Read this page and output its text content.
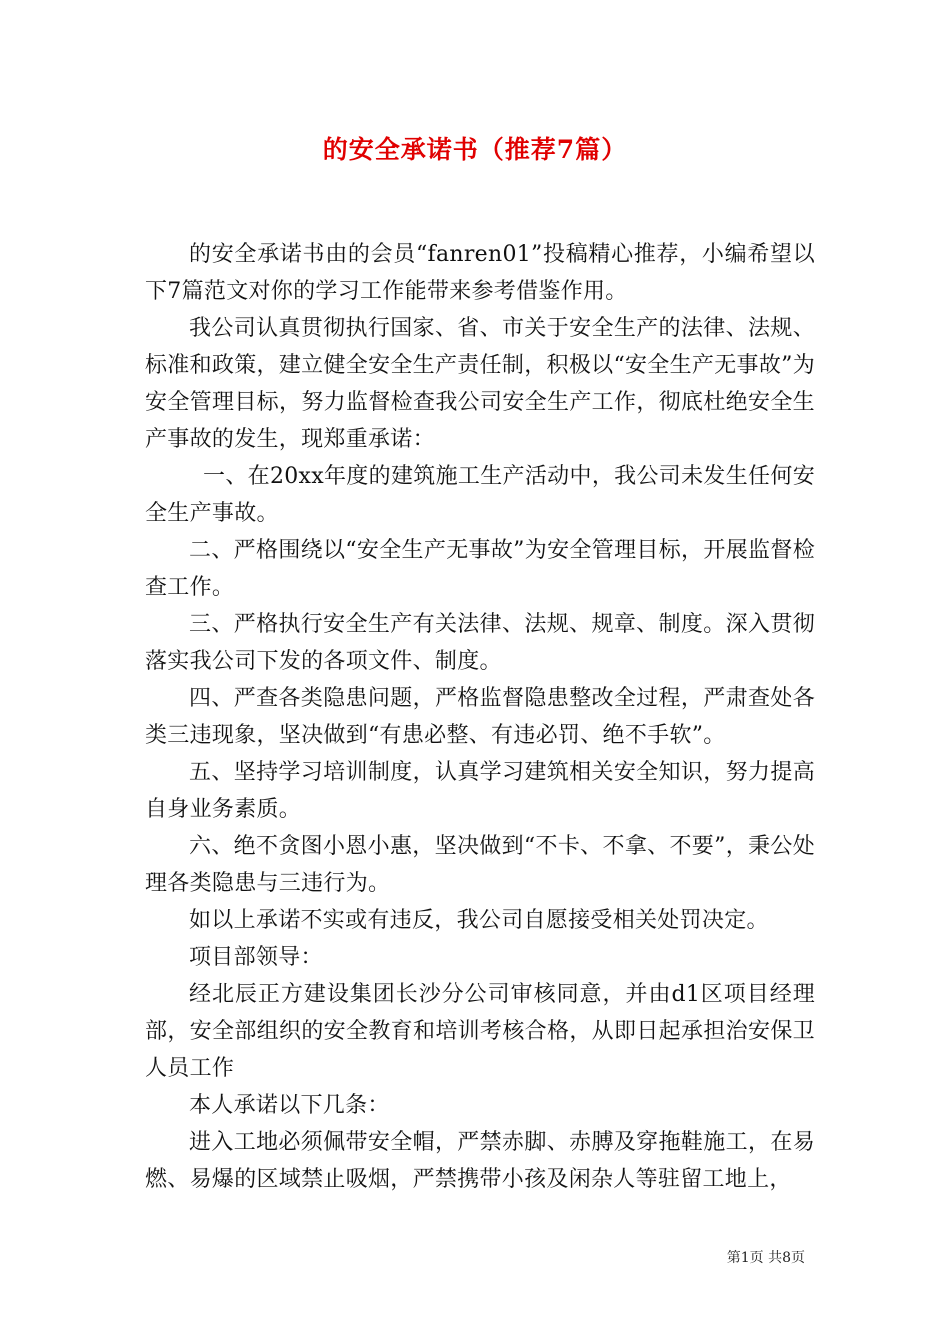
的安全承诺书（推荐7篇）

的安全承诺书由的会员“fanren01”投稿精心推荐，小编希望以下7篇范文对你的学习工作能带来参考借鉴作用。

我公司认真贯彻执行国家、省、市关于安全生产的法律、法规、标准和政策，建立健全安全生产责任制，积极以“安全生产无事故”为安全管理目标，努力监督检查我公司安全生产工作，彻底杜绝安全生产事故的发生，现郑重承诺：

一、在20xx年度的建筑施工生产活动中，我公司未发生任何安全生产事故。

二、严格围绕以“安全生产无事故”为安全管理目标，开展监督检查工作。

三、严格执行安全生产有关法律、法规、规章、制度。深入贯彻落实我公司下发的各项文件、制度。

四、严查各类隐患问题，严格监督隐患整改全过程，严肃查处各类三违现象，坚决做到“有患必整、有违必罚、绝不手软”。

五、坚持学习培训制度，认真学习建筑相关安全知识，努力提高自身业务素质。

六、绝不贪图小恩小惠，坚决做到“不卡、不拿、不要”，秉公处理各类隐患与三违行为。

如以上承诺不实或有违反，我公司自愿接受相关处罚决定。

项目部领导：

经北辰正方建设集团长沙分公司审核同意，并由d1区项目经理部，安全部组织的安全教育和培训考核合格，从即日起承担治安保卫人员工作

本人承诺以下几条：

进入工地必须佩带安全帽，严禁赤脚、赤膊及穿拖鞋施工，在易燃、易爆的区域禁止吸烟，严禁携带小孩及闲杂人等驻留工地上，

第1页 共8页
